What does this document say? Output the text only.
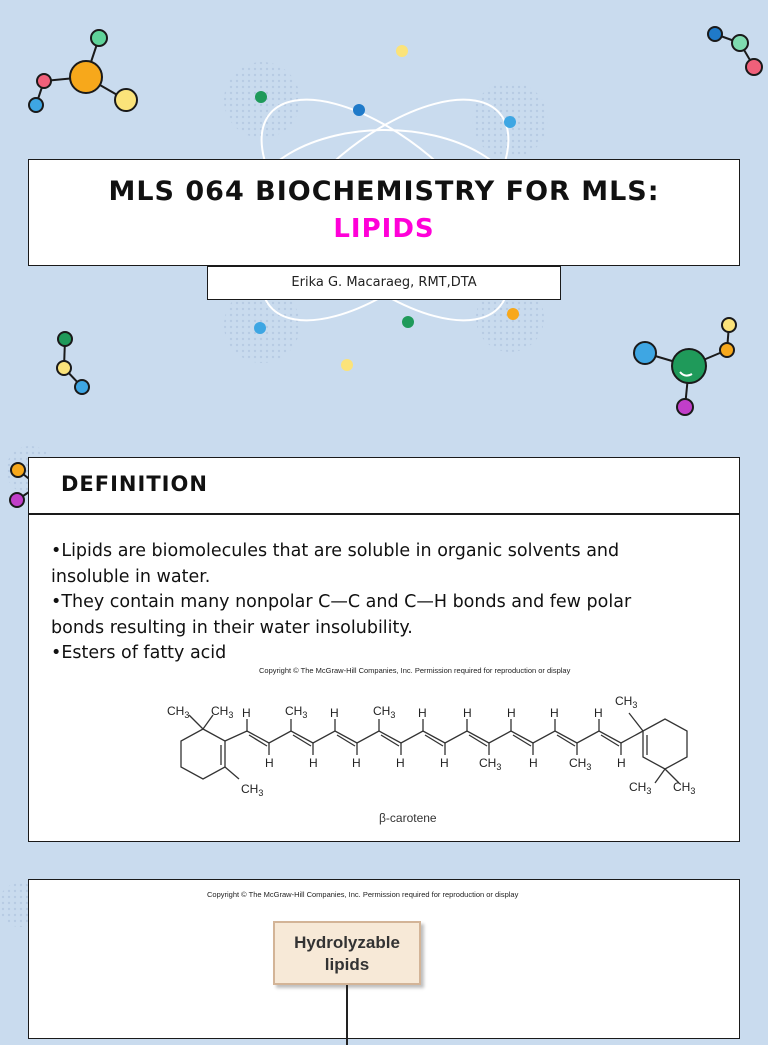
MLS 064 BIOCHEMISTRY FOR MLS:
LIPIDS
Erika G. Macaraeg, RMT,DTA
DEFINITION
•Lipids are biomolecules that are soluble in organic solvents and
insoluble in water.
•They contain many nonpolar C—C and C—H bonds and few polar
bonds resulting in their water insolubility.
•Esters of fatty acid
Copyright © The McGraw-Hill Companies, Inc. Permission required for reproduction or display
$CH_3$ $CH_3$
$CH_3$
H
H
$CH_3$
H
H
H
$CH_3$
H
H
H
H
$CH_3$
H
H
H
$CH_3$
H
H
$CH_3$
$CH_3$ $CH_3$
β-carotene
Copyright © The McGraw-Hill Companies, Inc. Permission required for reproduction or display
Hydrolyzable
lipids
